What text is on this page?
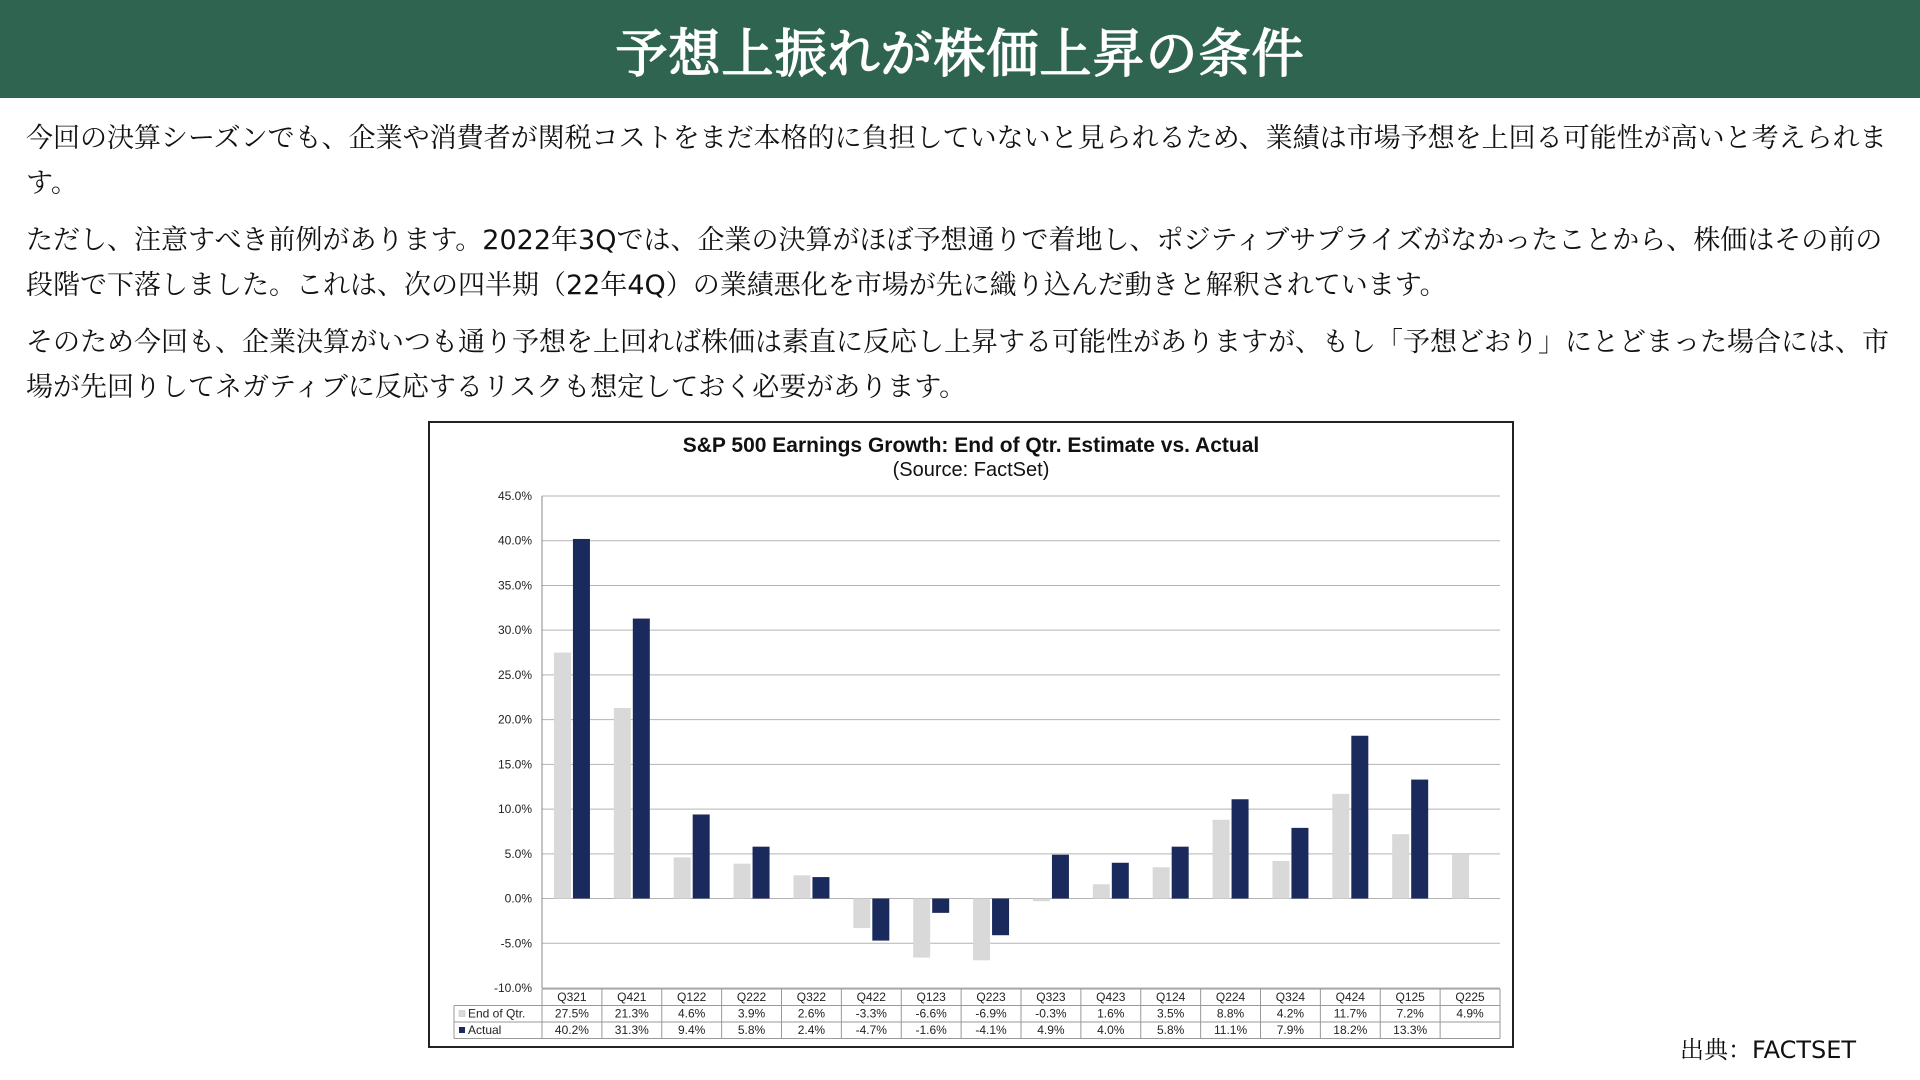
予想上振れが株価上昇の条件

今回の決算シーズンでも、企業や消費者が関税コストをまだ本格的に負担していないと見られるため、業績は市場予想を上回る可能性が高いと考えられます。

ただし、注意すべき前例があります。2022年3Qでは、企業の決算がほぼ予想通りで着地し、ポジティブサプライズがなかったことから、株価はその前の段階で下落しました。これは、次の四半期（22年4Q）の業績悪化を市場が先に織り込んだ動きと解釈されています。

そのため今回も、企業決算がいつも通り予想を上回れば株価は素直に反応し上昇する可能性がありますが、もし「予想どおり」にとどまった場合には、市場が先回りしてネガティブに反応するリスクも想定しておく必要があります。

S&P 500 Earnings Growth: End of Qtr. Estimate vs. Actual
(Source: FactSet)
45.0%
40.0%
35.0%
30.0%
25.0%
20.0%
15.0%
10.0%
5.0%
0.0%
-5.0%
-10.0%
Q321
27.5%
40.2%
Q421
21.3%
31.3%
Q122
4.6%
9.4%
Q222
3.9%
5.8%
Q322
2.6%
2.4%
Q422
-3.3%
-4.7%
Q123
-6.6%
-1.6%
Q223
-6.9%
-4.1%
Q323
-0.3%
4.9%
Q423
1.6%
4.0%
Q124
3.5%
5.8%
Q224
8.8%
11.1%
Q324
4.2%
7.9%
Q424
11.7%
18.2%
Q125
7.2%
13.3%
Q225
4.9%
End of Qtr.
Actual
出典：FACTSET
